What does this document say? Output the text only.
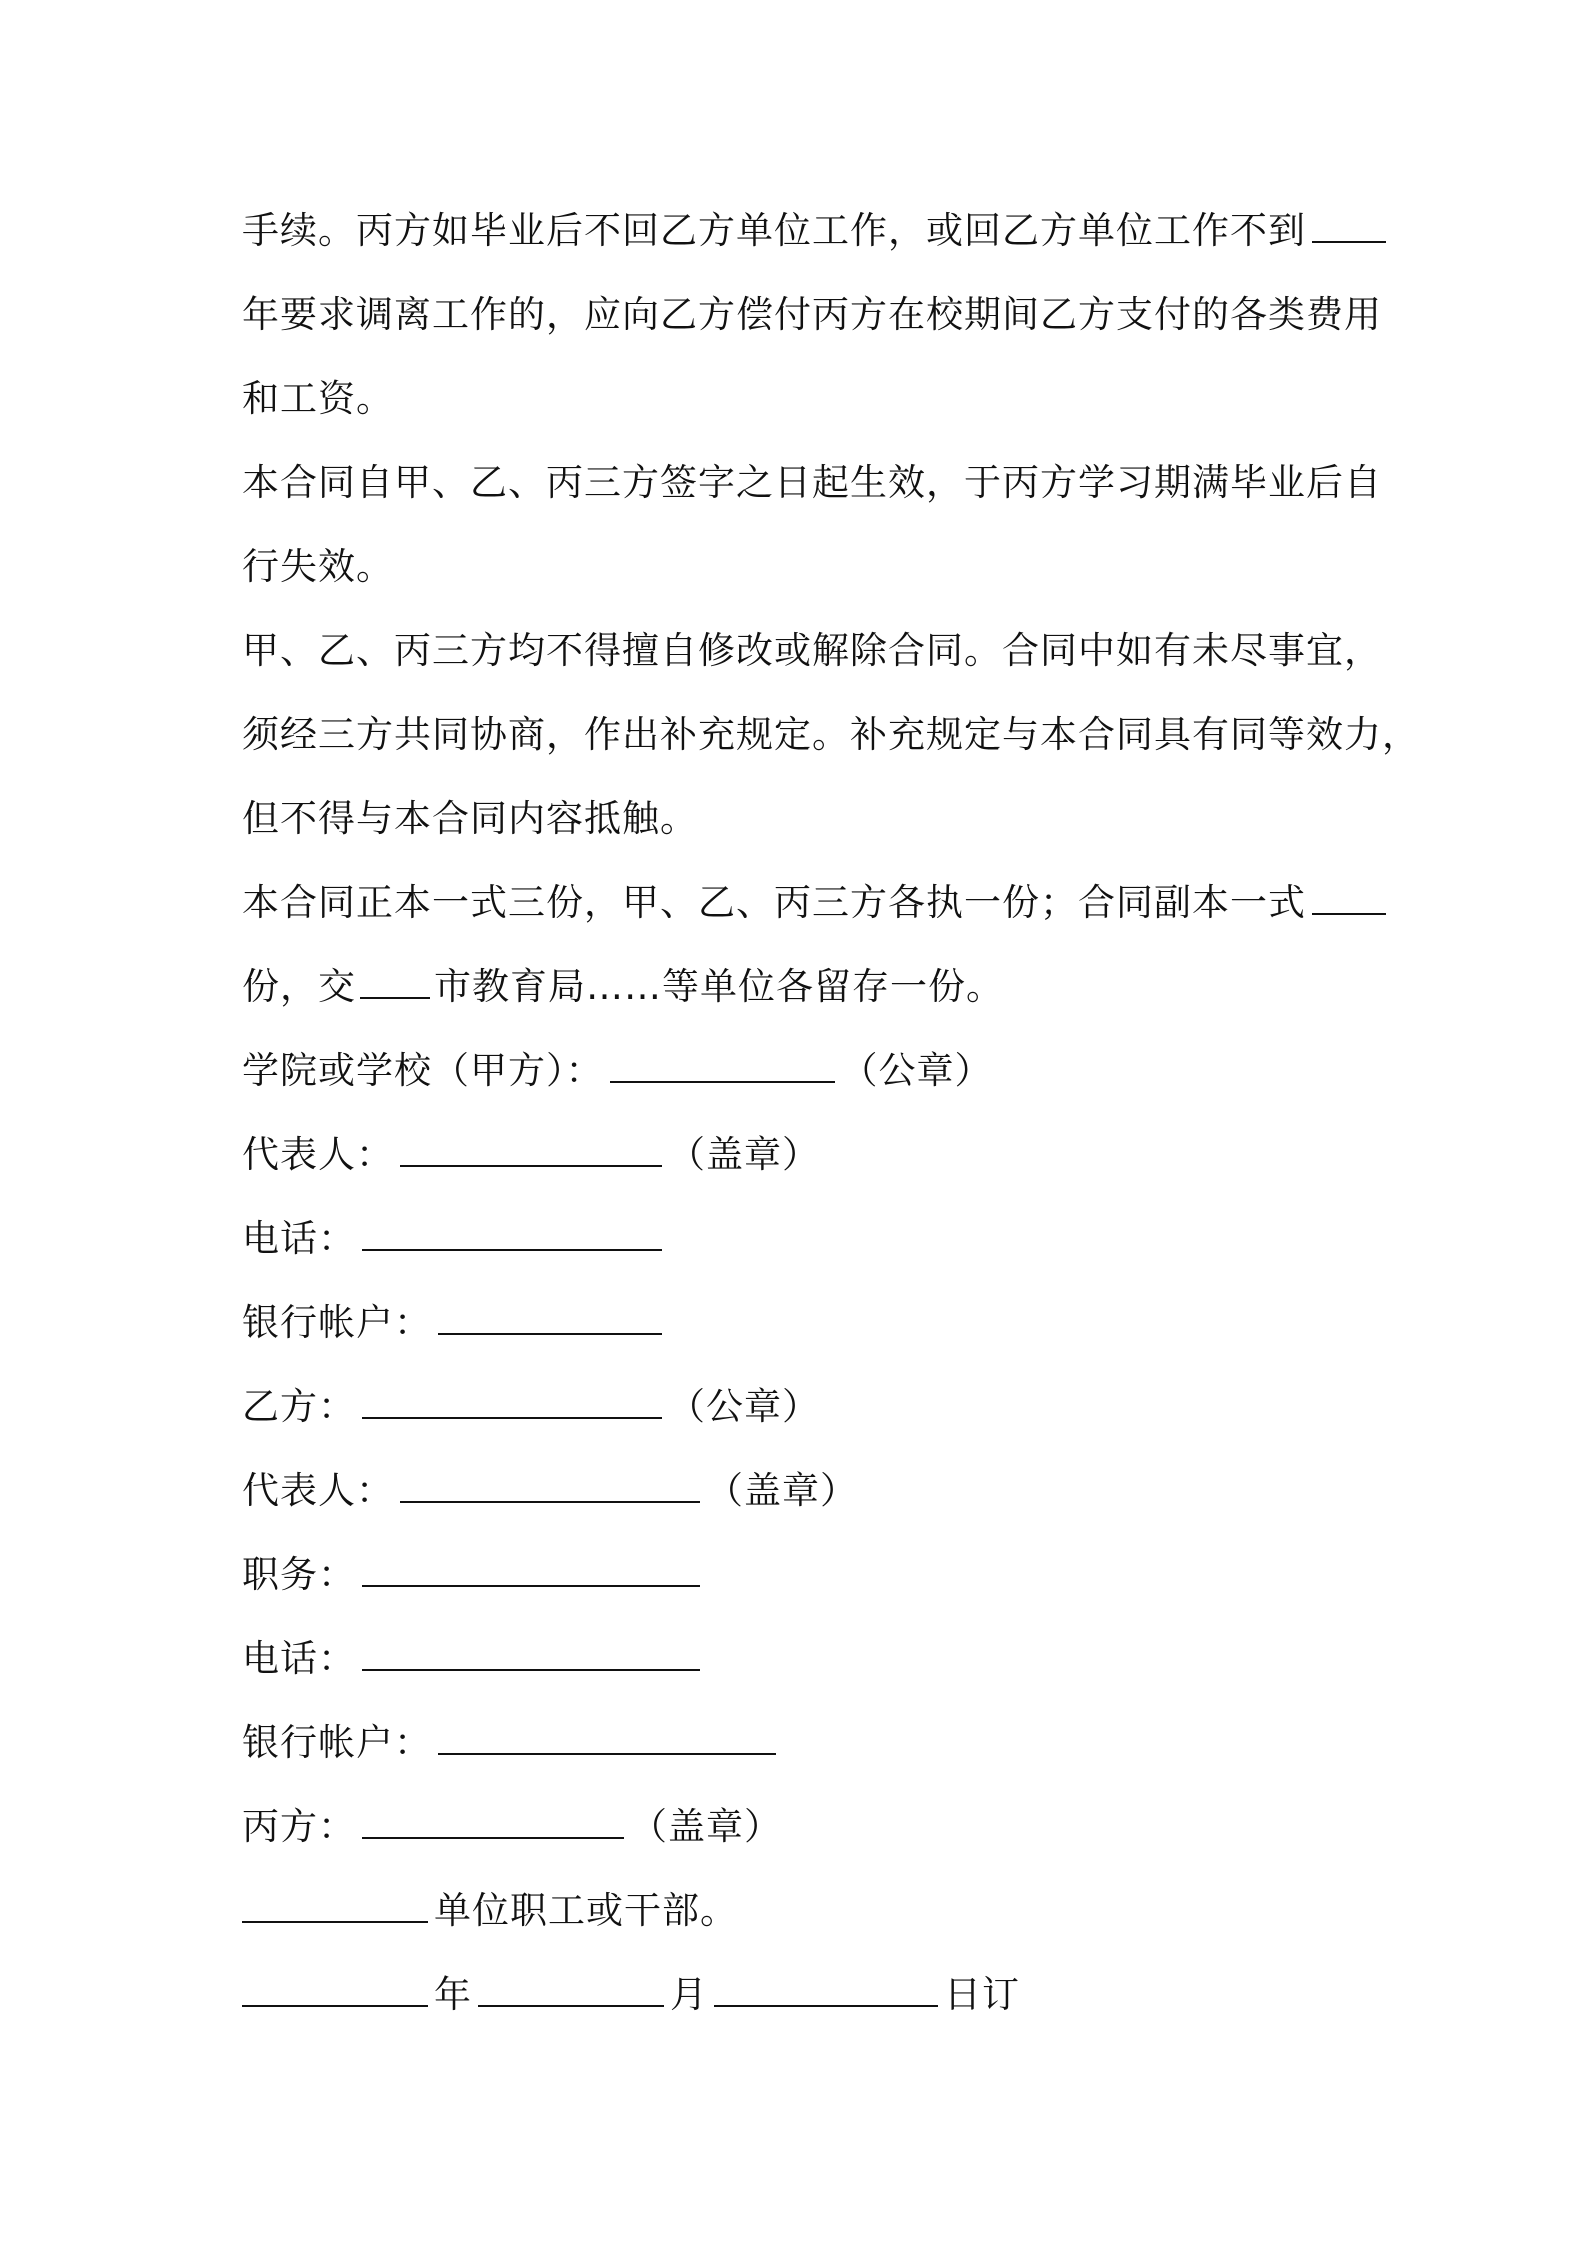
手续。丙方如毕业后不回乙方单位工作，或回乙方单位工作不到
年要求调离工作的，应向乙方偿付丙方在校期间乙方支付的各类费用
和工资。
本合同自甲、乙、丙三方签字之日起生效，于丙方学习期满毕业后自
行失效。
甲、乙、丙三方均不得擅自修改或解除合同。合同中如有未尽事宜，
须经三方共同协商，作出补充规定。补充规定与本合同具有同等效力，
但不得与本合同内容抵触。
本合同正本一式三份，甲、乙、丙三方各执一份；合同副本一式
份，交 市教育局……等单位各留存一份。
学院或学校（甲方）：	（公章）
代表人：	（盖章）
电话：
银行帐户：
乙方：	（公章）
代表人：	（盖章）
职务：
电话：
银行帐户：
丙方：	（盖章）
单位职工或干部。
年	月	日订
